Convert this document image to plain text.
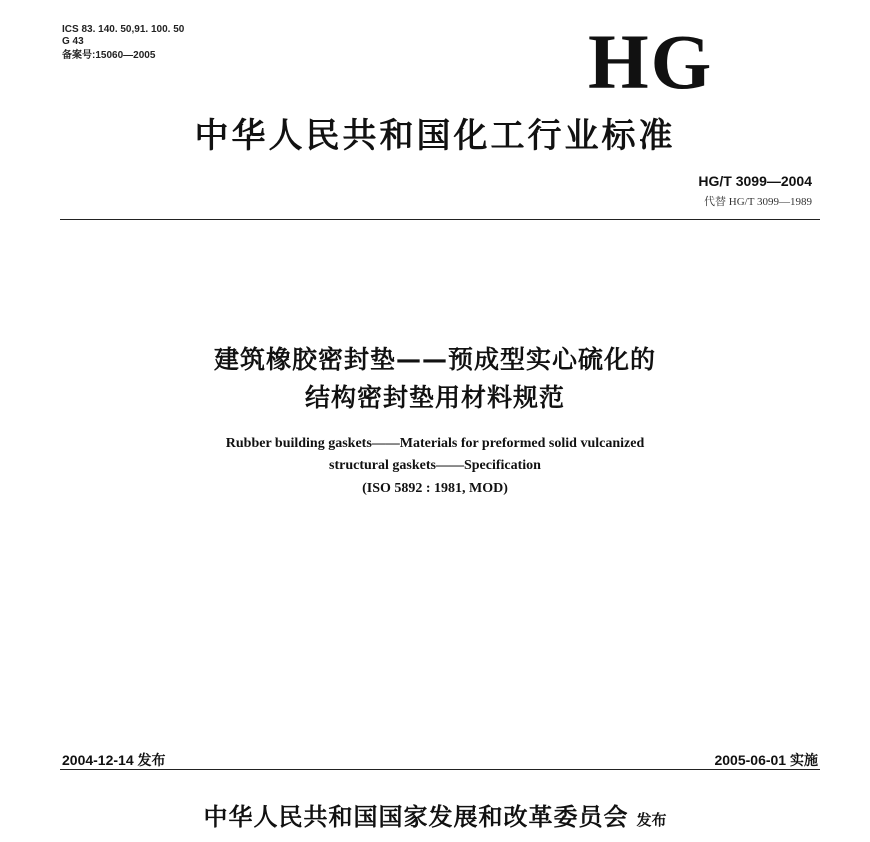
ICS 83. 140. 50,91. 100. 50
G 43
备案号:15060—2005	HG
中华人民共和国化工行业标准
HG/T 3099—2004
代替 HG/T 3099—1989
建筑橡胶密封垫——预成型实心硫化的
结构密封垫用材料规范
Rubber building gaskets——Materials for preformed solid vulcanized
structural gaskets——Specification
(ISO 5892 : 1981, MOD)
2004-12-14 发布	2005-06-01 实施
中华人民共和国国家发展和改革委员会 发布
